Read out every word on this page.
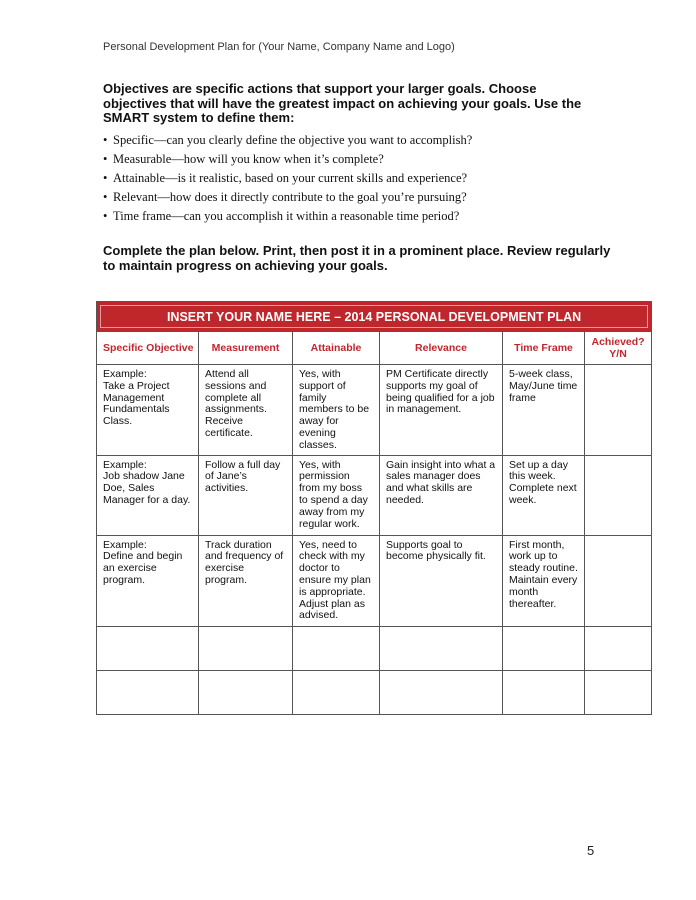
Personal Development Plan for (Your Name, Company Name and Logo)
Objectives are specific actions that support your larger goals. Choose objectives that will have the greatest impact on achieving your goals. Use the SMART system to define them:
• Specific—can you clearly define the objective you want to accomplish?
• Measurable—how will you know when it’s complete?
• Attainable—is it realistic, based on your current skills and experience?
• Relevant—how does it directly contribute to the goal you’re pursuing?
• Time frame—can you accomplish it within a reasonable time period?
Complete the plan below. Print, then post it in a prominent place. Review regularly to maintain progress on achieving your goals.
INSERT YOUR NAME HERE – 2014 PERSONAL DEVELOPMENT PLAN					
Specific Objective	Measurement	Attainable	Relevance	Time Frame	Achieved? Y/N
Example:
Take a Project Management Fundamentals Class.	Attend all sessions and complete all assignments. Receive certificate.	Yes, with support of family members to be away for evening classes.	PM Certificate directly supports my goal of being qualified for a job in management.	5-week class, May/June time frame	
Example:
Job shadow Jane Doe, Sales Manager for a day.	Follow a full day of Jane’s activities.	Yes, with permission from my boss to spend a day away from my regular work.	Gain insight into what a sales manager does and what skills are needed.	Set up a day this week. Complete next week.	
Example:
Define and begin an exercise program.	Track duration and frequency of exercise program.	Yes, need to check with my doctor to ensure my plan is appropriate. Adjust plan as advised.	Supports goal to become physically fit.	First month, work up to steady routine. Maintain every month thereafter.	

5
